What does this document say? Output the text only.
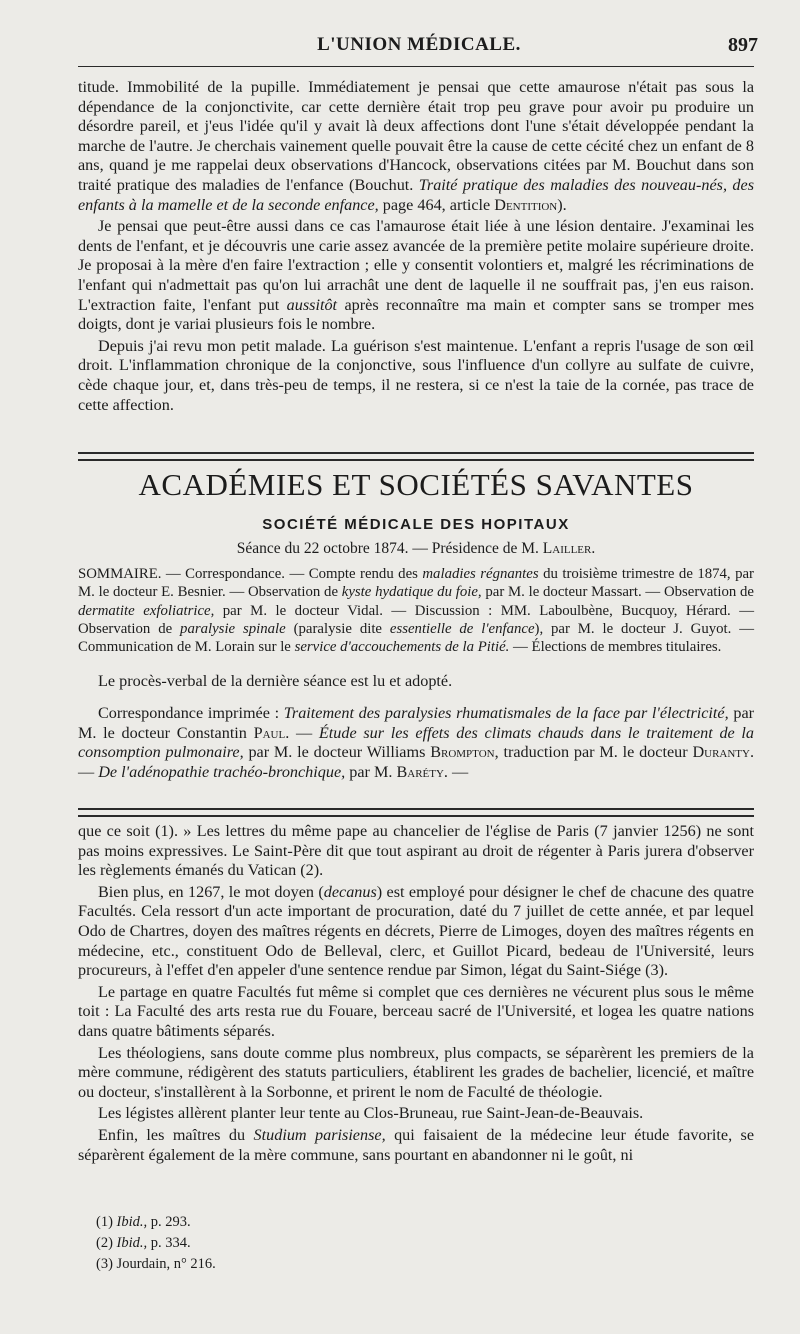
L'UNION MÉDICALE.	897

titude. Immobilité de la pupille. Immédiatement je pensai que cette amaurose n'était pas sous la dépendance de la conjonctivite, car cette dernière était trop peu grave pour avoir pu produire un désordre pareil, et j'eus l'idée qu'il y avait là deux affections dont l'une s'était développée pendant la marche de l'autre. Je cherchais vainement quelle pouvait être la cause de cette cécité chez un enfant de 8 ans, quand je me rappelai deux observations d'Hancock, observations citées par M. Bouchut dans son traité pratique des maladies de l'enfance (Bouchut. Traité pratique des maladies des nouveau-nés, des enfants à la mamelle et de la seconde enfance, page 464, article Dentition).

Je pensai que peut-être aussi dans ce cas l'amaurose était liée à une lésion dentaire. J'examinai les dents de l'enfant, et je découvris une carie assez avancée de la première petite molaire supérieure droite. Je proposai à la mère d'en faire l'extraction ; elle y consentit volontiers et, malgré les récriminations de l'enfant qui n'admettait pas qu'on lui arrachât une dent de laquelle il ne souffrait pas, j'en eus raison. L'extraction faite, l'enfant put aussitôt après reconnaître ma main et compter sans se tromper mes doigts, dont je variai plusieurs fois le nombre.

Depuis j'ai revu mon petit malade. La guérison s'est maintenue. L'enfant a repris l'usage de son œil droit. L'inflammation chronique de la conjonctive, sous l'influence d'un collyre au sulfate de cuivre, cède chaque jour, et, dans très-peu de temps, il ne restera, si ce n'est la taie de la cornée, pas trace de cette affection.

ACADÉMIES ET SOCIÉTÉS SAVANTES
SOCIÉTÉ MÉDICALE DES HOPITAUX
Séance du 22 octobre 1874. — Présidence de M. Lailler.

SOMMAIRE. — Correspondance. — Compte rendu des maladies régnantes du troisième trimestre de 1874, par M. le docteur E. Besnier. — Observation de kyste hydatique du foie, par M. le docteur Massart. — Observation de dermatite exfoliatrice, par M. le docteur Vidal. — Discussion : MM. Laboulbène, Bucquoy, Hérard. — Observation de paralysie spinale (paralysie dite essentielle de l'enfance), par M. le docteur J. Guyot. — Communication de M. Lorain sur le service d'accouchements de la Pitié. — Élections de membres titulaires.

Le procès-verbal de la dernière séance est lu et adopté.

Correspondance imprimée : Traitement des paralysies rhumatismales de la face par l'électricité, par M. le docteur Constantin Paul. — Étude sur les effets des climats chauds dans le traitement de la consomption pulmonaire, par M. le docteur Williams Brompton, traduction par M. le docteur Duranty. — De l'adénopathie trachéo-bronchique, par M. Baréty. —

que ce soit (1). » Les lettres du même pape au chancelier de l'église de Paris (7 janvier 1256) ne sont pas moins expressives. Le Saint-Père dit que tout aspirant au droit de régenter à Paris jurera d'observer les règlements émanés du Vatican (2).

Bien plus, en 1267, le mot doyen (decanus) est employé pour désigner le chef de chacune des quatre Facultés. Cela ressort d'un acte important de procuration, daté du 7 juillet de cette année, et par lequel Odo de Chartres, doyen des maîtres régents en décrets, Pierre de Limoges, doyen des maîtres régents en médecine, etc., constituent Odo de Belleval, clerc, et Guillot Picard, bedeau de l'Université, leurs procureurs, à l'effet d'en appeler d'une sentence rendue par Simon, légat du Saint-Siége (3).

Le partage en quatre Facultés fut même si complet que ces dernières ne vécurent plus sous le même toit : La Faculté des arts resta rue du Fouare, berceau sacré de l'Université, et logea les quatre nations dans quatre bâtiments séparés.

Les théologiens, sans doute comme plus nombreux, plus compacts, se séparèrent les premiers de la mère commune, rédigèrent des statuts particuliers, établirent les grades de bachelier, licencié, et maître ou docteur, s'installèrent à la Sorbonne, et prirent le nom de Faculté de théologie.

Les légistes allèrent planter leur tente au Clos-Bruneau, rue Saint-Jean-de-Beauvais.

Enfin, les maîtres du Studium parisiense, qui faisaient de la médecine leur étude favorite, se séparèrent également de la mère commune, sans pourtant en abandonner ni le goût, ni

(1) Ibid., p. 293.
(2) Ibid., p. 334.
(3) Jourdain, n° 216.
